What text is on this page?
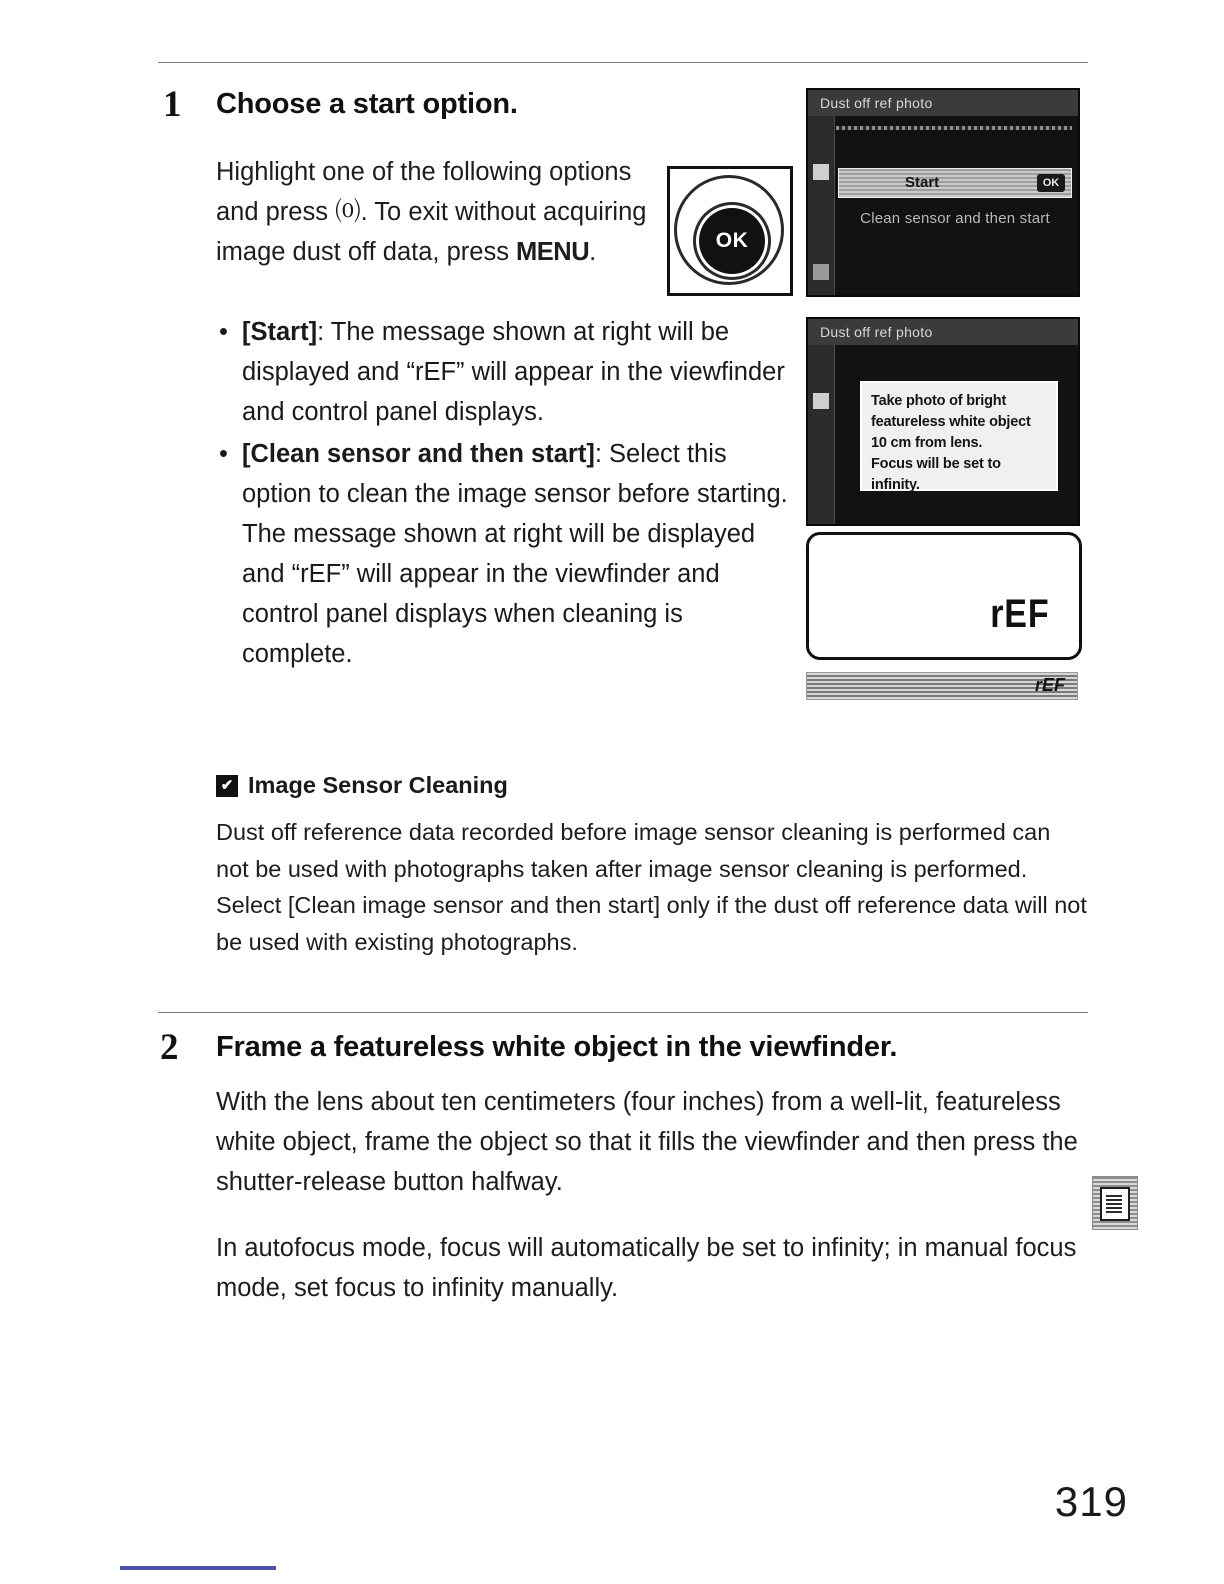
1 Choose a start option.
Highlight one of the following options and press ⒪. To exit without acquiring image dust off data, press MENU.
• [Start]: The message shown at right will be displayed and “rEF” will appear in the viewfinder and control panel displays.
• [Clean sensor and then start]: Select this option to clean the image sensor before starting. The message shown at right will be displayed and “rEF” will appear in the viewfinder and control panel displays when cleaning is complete.
OK
Dust off ref photo
Start	OK
Clean sensor and then start
Dust off ref photo

Take photo of bright

featureless white object

10 cm from lens.

Focus will be set to infinity.

rEF
rEF
✔ Image Sensor Cleaning
Dust off reference data recorded before image sensor cleaning is performed can not be used with photographs taken after image sensor cleaning is performed. Select [Clean image sensor and then start] only if the dust off reference data will not be used with existing photographs.
2 Frame a featureless white object in the viewfinder.
With the lens about ten centimeters (four inches) from a well-lit, featureless white object, frame the object so that it fills the viewfinder and then press the shutter-release button halfway.
In autofocus mode, focus will automatically be set to infinity; in manual focus mode, set focus to infinity manually.
319
